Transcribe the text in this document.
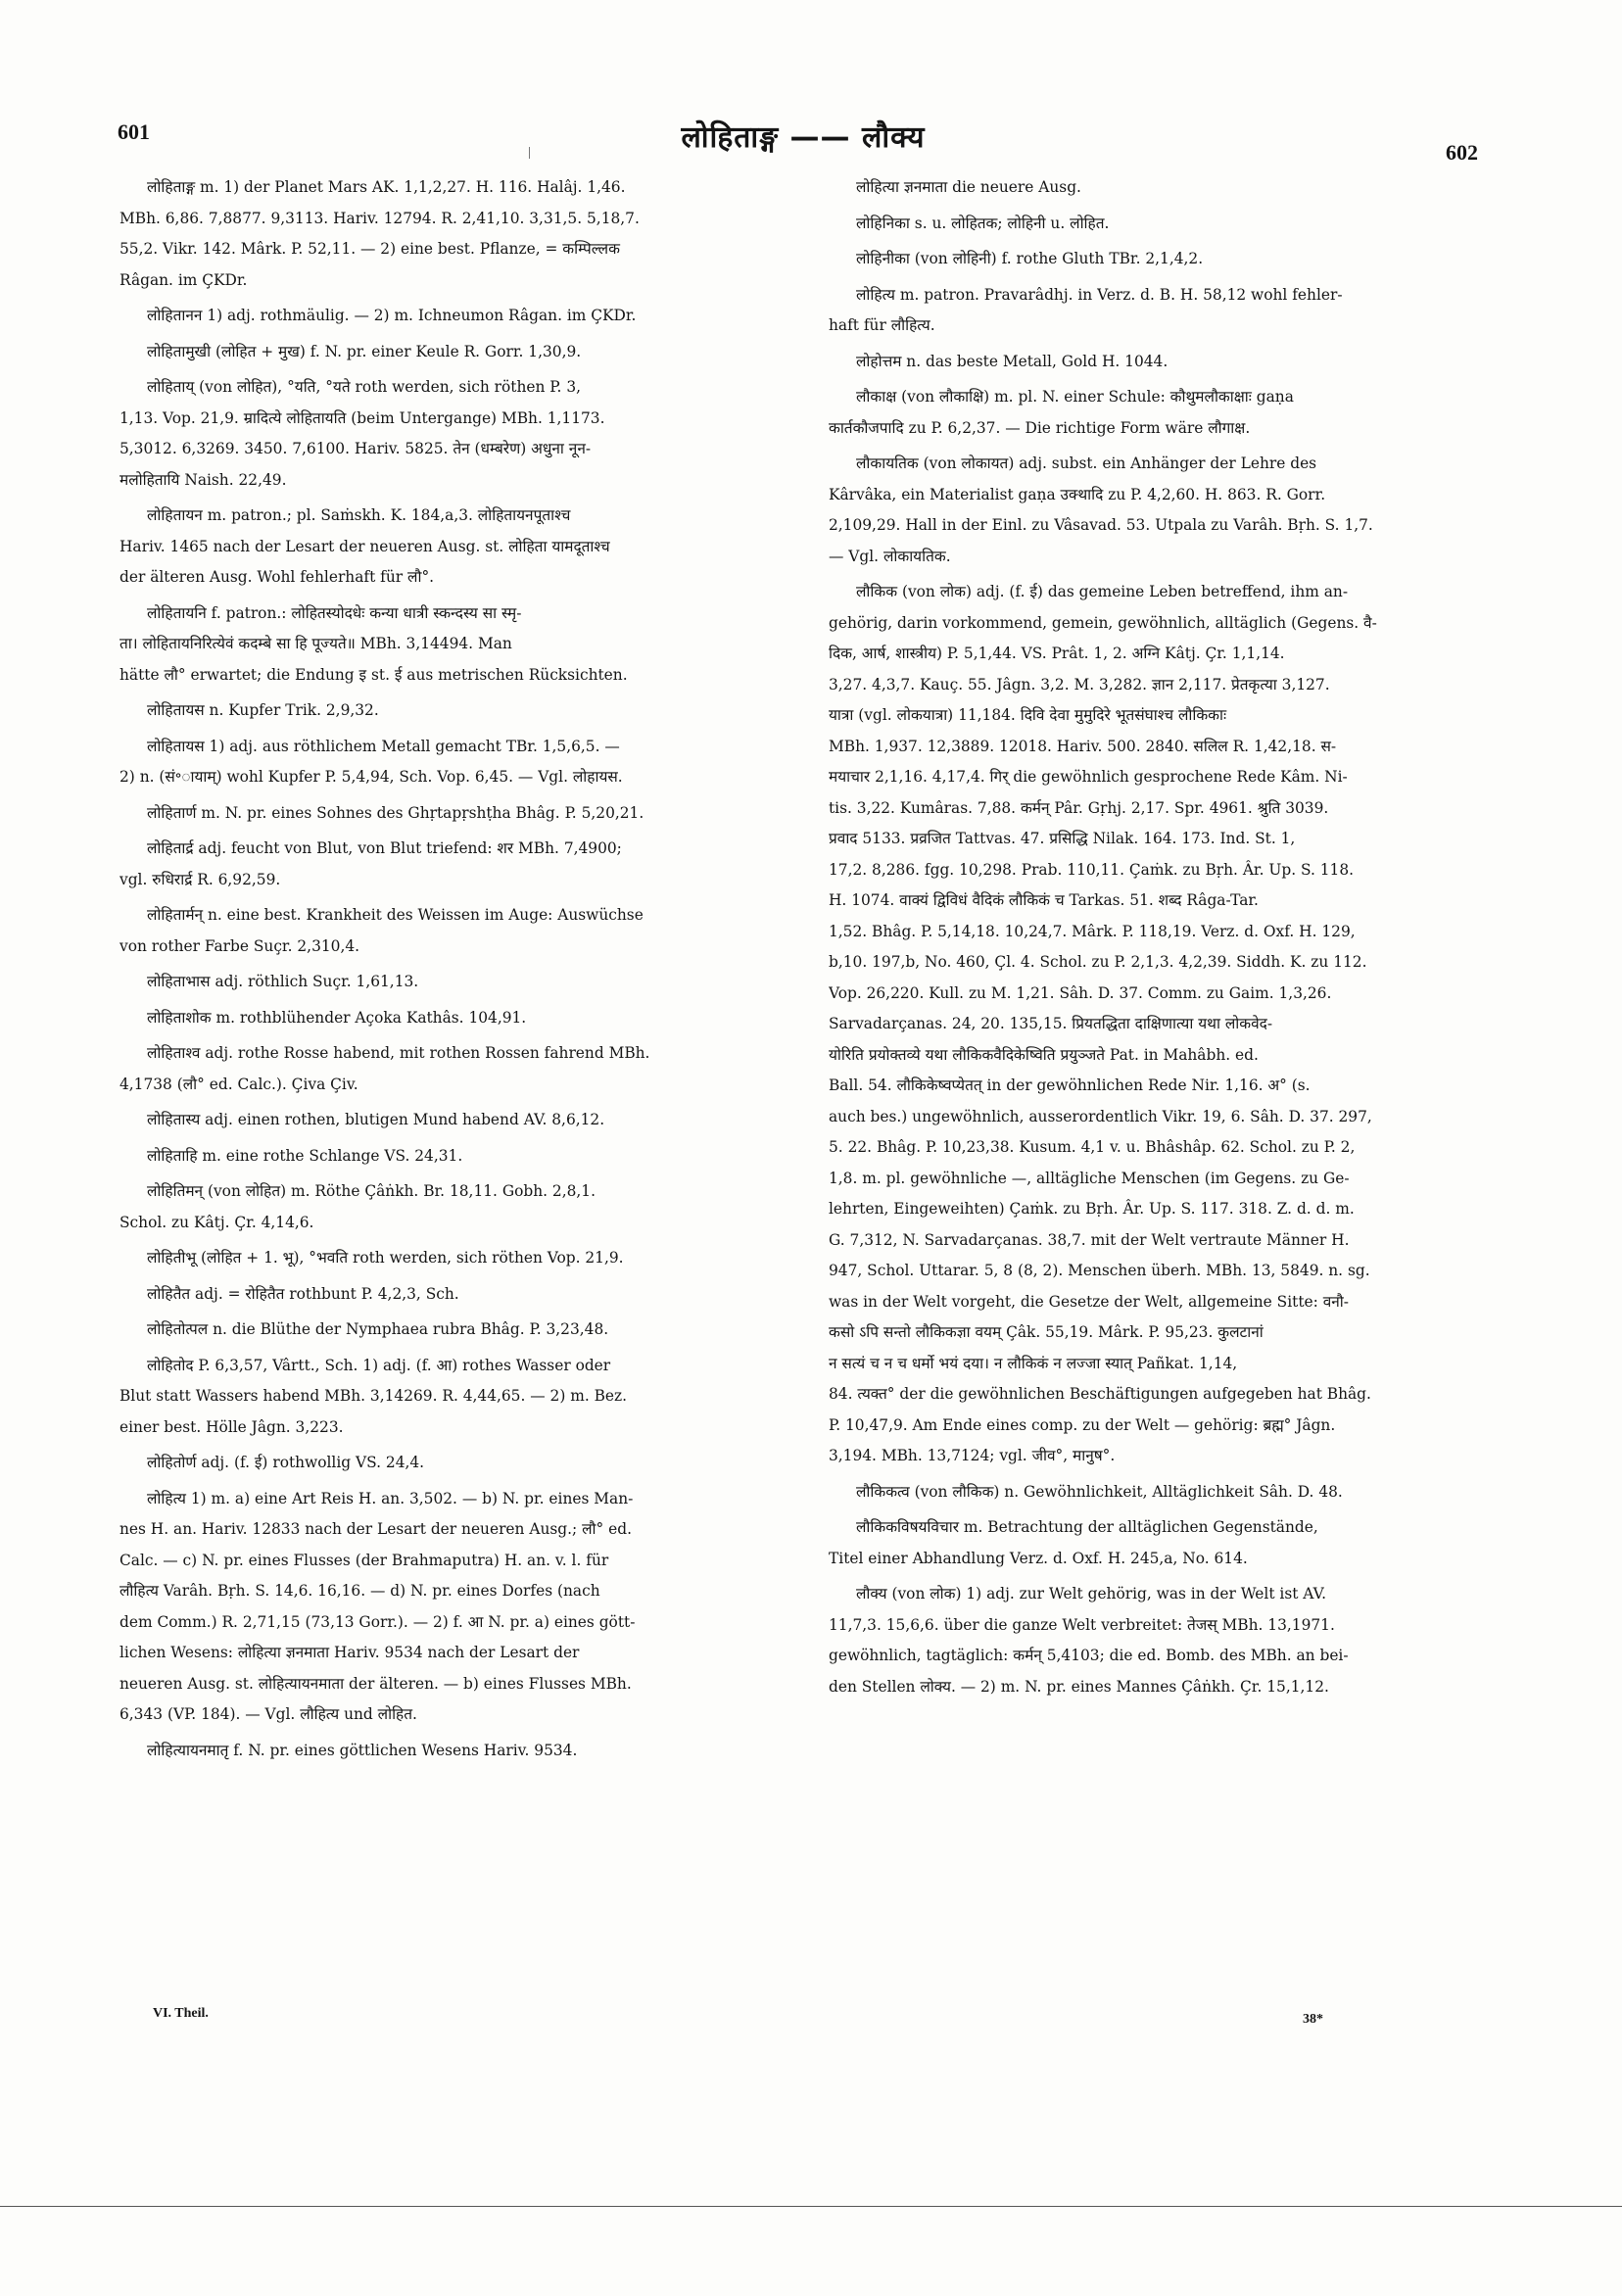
601	लोहिताङ्ग —— लौक्य	602
लोहिताङ्ग m. 1) der Planet Mars AK. 1,1,2,27. H. 116. Halâj. 1,46.
MBh. 6,86. 7,8877. 9,3113. Hariv. 12794. R. 2,41,10. 3,31,5. 5,18,7.
55,2. Vikr. 142. Mârk. P. 52,11. — 2) eine best. Pflanze, = कम्पिल्लक
Râgan. im ÇKDr.
लोहितानन 1) adj. rothmäulig. — 2) m. Ichneumon Râgan. im ÇKDr.
लोहितामुखी (लोहित + मुख) f. N. pr. einer Keule R. Gorr. 1,30,9.
लोहिताय् (von लोहित), °यति, °यते roth werden, sich röthen P. 3,
1,13. Vop. 21,9. म्रादित्ये लोहितायति (beim Untergange) MBh. 1,1173.
5,3012. 6,3269. 3450. 7,6100. Hariv. 5825. तेन (धम्बरेण) अधुना नून-
मलोहितायि Naish. 22,49.
लोहितायन m. patron.; pl. Saṁskh. K. 184,a,3. लोहितायनपूताश्च
Hariv. 1465 nach der Lesart der neueren Ausg. st. लोहिता यामदूताश्च
der älteren Ausg. Wohl fehlerhaft für लौ°.
लोहितायनि f. patron.: लोहितस्योदधेः कन्या धात्री स्कन्दस्य सा स्मृ-
ता। लोहितायनिरित्येवं कदम्बे सा हि पूज्यते॥ MBh. 3,14494. Man
hätte लौ° erwartet; die Endung इ st. ई aus metrischen Rücksichten.
लोहितायस n. Kupfer Trik. 2,9,32.
लोहितायस 1) adj. aus röthlichem Metall gemacht TBr. 1,5,6,5. —
2) n. (सं॰ायाम्) wohl Kupfer P. 5,4,94, Sch. Vop. 6,45. — Vgl. लोहायस.
लोहितार्ण m. N. pr. eines Sohnes des Ghṛtapṛshṭha Bhâg. P. 5,20,21.
लोहितार्द्र adj. feucht von Blut, von Blut triefend: शर MBh. 7,4900;
vgl. रुधिरार्द्र R. 6,92,59.
लोहितार्मन् n. eine best. Krankheit des Weissen im Auge: Auswüchse
von rother Farbe Suçr. 2,310,4.
लोहिताभास adj. röthlich Suçr. 1,61,13.
लोहिताशोक m. rothblühender Açoka Kathâs. 104,91.
लोहिताश्व adj. rothe Rosse habend, mit rothen Rossen fahrend MBh.
4,1738 (लौ° ed. Calc.). Çiva Çiv.
लोहितास्य adj. einen rothen, blutigen Mund habend AV. 8,6,12.
लोहिताहि m. eine rothe Schlange VS. 24,31.
लोहितिमन् (von लोहित) m. Röthe Çâṅkh. Br. 18,11. Gobh. 2,8,1.
Schol. zu Kâtj. Çr. 4,14,6.
लोहितीभू (लोहित + 1. भू), °भवति roth werden, sich röthen Vop. 21,9.
लोहितैत adj. = रोहितैत rothbunt P. 4,2,3, Sch.
लोहितोत्पल n. die Blüthe der Nymphaea rubra Bhâg. P. 3,23,48.
लोहितोद P. 6,3,57, Vârtt., Sch. 1) adj. (f. आ) rothes Wasser oder
Blut statt Wassers habend MBh. 3,14269. R. 4,44,65. — 2) m. Bez.
einer best. Hölle Jâgn. 3,223.
लोहितोर्ण adj. (f. ई) rothwollig VS. 24,4.
लोहित्य 1) m. a) eine Art Reis H. an. 3,502. — b) N. pr. eines Man-
nes H. an. Hariv. 12833 nach der Lesart der neueren Ausg.; लौ° ed.
Calc. — c) N. pr. eines Flusses (der Brahmaputra) H. an. v. l. für
लौहित्य Varâh. Bṛh. S. 14,6. 16,16. — d) N. pr. eines Dorfes (nach
dem Comm.) R. 2,71,15 (73,13 Gorr.). — 2) f. आ N. pr. a) eines gött-
lichen Wesens: लोहित्या ज्ञनमाता Hariv. 9534 nach der Lesart der
neueren Ausg. st. लोहित्यायनमाता der älteren. — b) eines Flusses MBh.
6,343 (VP. 184). — Vgl. लौहित्य und लोहित.
लोहित्यायनमातृ f. N. pr. eines göttlichen Wesens Hariv. 9534.
लोहित्या ज्ञनमाता die neuere Ausg.
लोहिनिका s. u. लोहितक; लोहिनी u. लोहित.
लोहिनीका (von लोहिनी) f. rothe Gluth TBr. 2,1,4,2.
लोहित्य m. patron. Pravarâdhj. in Verz. d. B. H. 58,12 wohl fehler-
haft für लौहित्य.
लोहोत्तम n. das beste Metall, Gold H. 1044.
लौकाक्ष (von लौकाक्षि) m. pl. N. einer Schule: कौथुमलौकाक्षाः gaṇa
कार्तकौजपादि zu P. 6,2,37. — Die richtige Form wäre लौगाक्ष.
लौकायतिक (von लोकायत) adj. subst. ein Anhänger der Lehre des
Kârvâka, ein Materialist gaṇa उक्थादि zu P. 4,2,60. H. 863. R. Gorr.
2,109,29. Hall in der Einl. zu Vâsavad. 53. Utpala zu Varâh. Bṛh. S. 1,7.
— Vgl. लोकायतिक.
लौकिक (von लोक) adj. (f. ई) das gemeine Leben betreffend, ihm an-
gehörig, darin vorkommend, gemein, gewöhnlich, alltäglich (Gegens. वै-
दिक, आर्ष, शास्त्रीय) P. 5,1,44. VS. Prât. 1, 2. अग्नि Kâtj. Çr. 1,1,14.
3,27. 4,3,7. Kauç. 55. Jâgn. 3,2. M. 3,282. ज्ञान 2,117. प्रेतकृत्या 3,127.
यात्रा (vgl. लोकयात्रा) 11,184. दिवि देवा मुमुदिरे भूतसंघाश्च लौकिकाः
MBh. 1,937. 12,3889. 12018. Hariv. 500. 2840. सलिल R. 1,42,18. स-
मयाचार 2,1,16. 4,17,4. गिर् die gewöhnlich gesprochene Rede Kâm. Ni-
tis. 3,22. Kumâras. 7,88. कर्मन् Pâr. Gṛhj. 2,17. Spr. 4961. श्रुति 3039.
प्रवाद 5133. प्रव्रजित Tattvas. 47. प्रसिद्धि Nilak. 164. 173. Ind. St. 1,
17,2. 8,286. fgg. 10,298. Prab. 110,11. Çaṁk. zu Bṛh. Âr. Up. S. 118.
H. 1074. वाक्यं द्विविधं वैदिकं लौकिकं च Tarkas. 51. शब्द Râga-Tar.
1,52. Bhâg. P. 5,14,18. 10,24,7. Mârk. P. 118,19. Verz. d. Oxf. H. 129,
b,10. 197,b, No. 460, Çl. 4. Schol. zu P. 2,1,3. 4,2,39. Siddh. K. zu 112.
Vop. 26,220. Kull. zu M. 1,21. Sâh. D. 37. Comm. zu Gaim. 1,3,26.
Sarvadarçanas. 24, 20. 135,15. प्रियतद्धिता दाक्षिणात्या यथा लोकवेद-
योरिति प्रयोक्तव्ये यथा लौकिकवैदिकेष्विति प्रयुञ्जते Pat. in Mahâbh. ed.
Ball. 54. लौकिकेष्वप्येतत् in der gewöhnlichen Rede Nir. 1,16. अ° (s.
auch bes.) ungewöhnlich, ausserordentlich Vikr. 19, 6. Sâh. D. 37. 297,
5. 22. Bhâg. P. 10,23,38. Kusum. 4,1 v. u. Bhâshâp. 62. Schol. zu P. 2,
1,8. m. pl. gewöhnliche —, alltägliche Menschen (im Gegens. zu Ge-
lehrten, Eingeweihten) Çaṁk. zu Bṛh. Âr. Up. S. 117. 318. Z. d. d. m.
G. 7,312, N. Sarvadarçanas. 38,7. mit der Welt vertraute Männer H.
947, Schol. Uttarar. 5, 8 (8, 2). Menschen überh. MBh. 13, 5849. n. sg.
was in der Welt vorgeht, die Gesetze der Welt, allgemeine Sitte: वनौ-
कसो ऽपि सन्तो लौकिकज्ञा वयम् Çâk. 55,19. Mârk. P. 95,23. कुलटानां
न सत्यं च न च धर्मो भयं दया। न लौकिकं न लज्जा स्यात् Pañkat. 1,14,
84. त्यक्त° der die gewöhnlichen Beschäftigungen aufgegeben hat Bhâg.
P. 10,47,9. Am Ende eines comp. zu der Welt — gehörig: ब्रह्म° Jâgn.
3,194. MBh. 13,7124; vgl. जीव°, मानुष°.
लौकिकत्व (von लौकिक) n. Gewöhnlichkeit, Alltäglichkeit Sâh. D. 48.
लौकिकविषयविचार m. Betrachtung der alltäglichen Gegenstände,
Titel einer Abhandlung Verz. d. Oxf. H. 245,a, No. 614.
लौक्य (von लोक) 1) adj. zur Welt gehörig, was in der Welt ist AV.
11,7,3. 15,6,6. über die ganze Welt verbreitet: तेजस् MBh. 13,1971.
gewöhnlich, tagtäglich: कर्मन् 5,4103; die ed. Bomb. des MBh. an bei-
den Stellen लोक्य. — 2) m. N. pr. eines Mannes Çâṅkh. Çr. 15,1,12.
VI. Theil.	38*
